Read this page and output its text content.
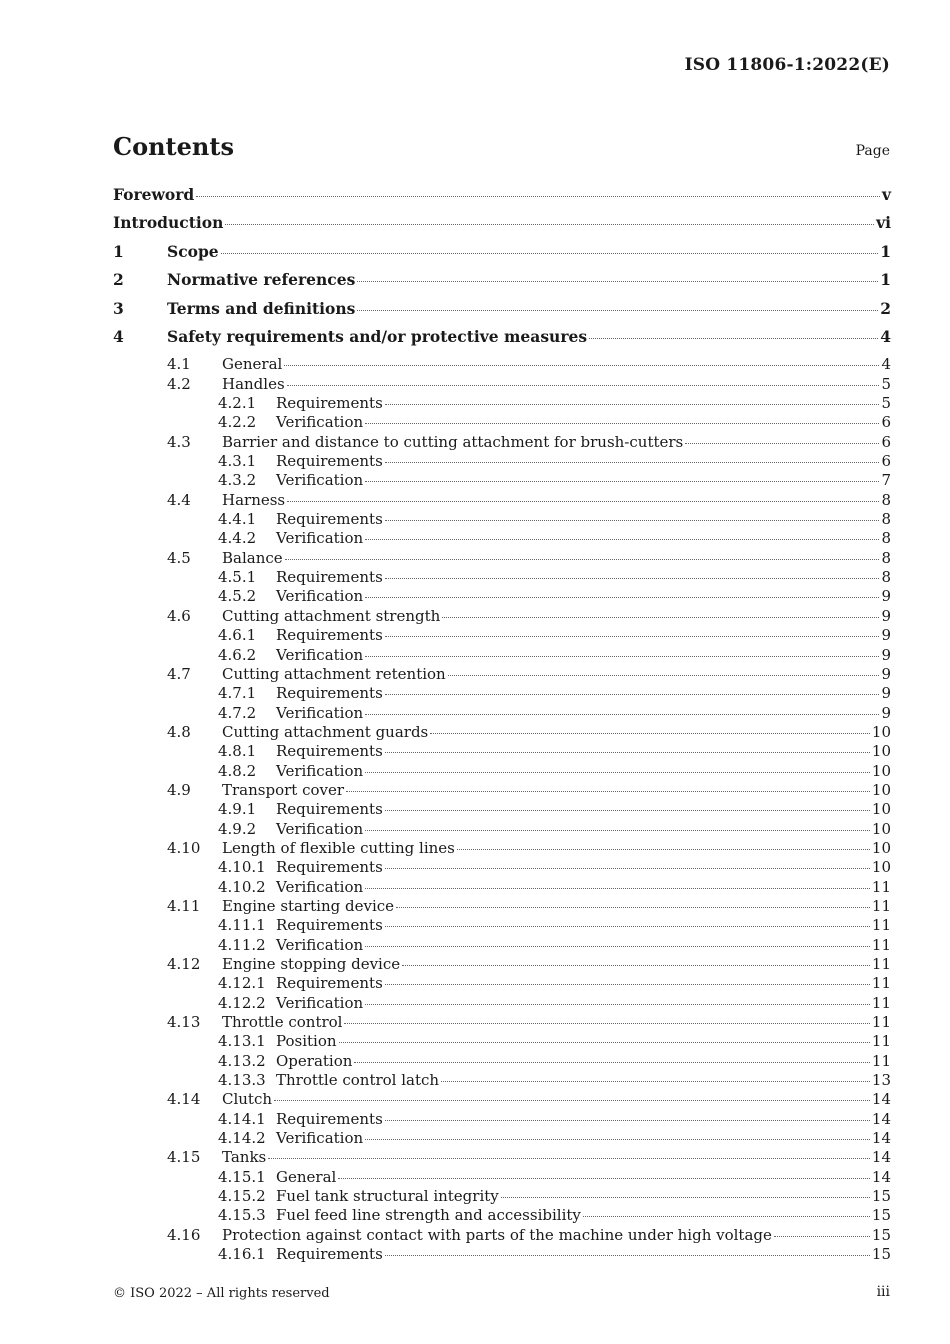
ISO 11806-1:2022(E)
Contents	Page
Foreword	v
Introduction	vi
1	Scope	1
2	Normative references	1
3	Terms and definitions	2
4	Safety requirements and/or protective measures	4
4.1 General	4
4.2 Handles	5
4.2.1 Requirements	5
4.2.2 Verification	6
4.3 Barrier and distance to cutting attachment for brush-cutters	6
4.3.1 Requirements	6
4.3.2 Verification	7
4.4 Harness	8
4.4.1 Requirements	8
4.4.2 Verification	8
4.5 Balance	8
4.5.1 Requirements	8
4.5.2 Verification	9
4.6 Cutting attachment strength	9
4.6.1 Requirements	9
4.6.2 Verification	9
4.7 Cutting attachment retention	9
4.7.1 Requirements	9
4.7.2 Verification	9
4.8 Cutting attachment guards	10
4.8.1 Requirements	10
4.8.2 Verification	10
4.9 Transport cover	10
4.9.1 Requirements	10
4.9.2 Verification	10
4.10 Length of flexible cutting lines	10
4.10.1 Requirements	10
4.10.2 Verification	11
4.11 Engine starting device	11
4.11.1 Requirements	11
4.11.2 Verification	11
4.12 Engine stopping device	11
4.12.1 Requirements	11
4.12.2 Verification	11
4.13 Throttle control	11
4.13.1 Position	11
4.13.2 Operation	11
4.13.3 Throttle control latch	13
4.14 Clutch	14
4.14.1 Requirements	14
4.14.2 Verification	14
4.15 Tanks	14
4.15.1 General	14
4.15.2 Fuel tank structural integrity	15
4.15.3 Fuel feed line strength and accessibility	15
4.16 Protection against contact with parts of the machine under high voltage	15
4.16.1 Requirements	15
© ISO 2022 – All rights reserved	iii
